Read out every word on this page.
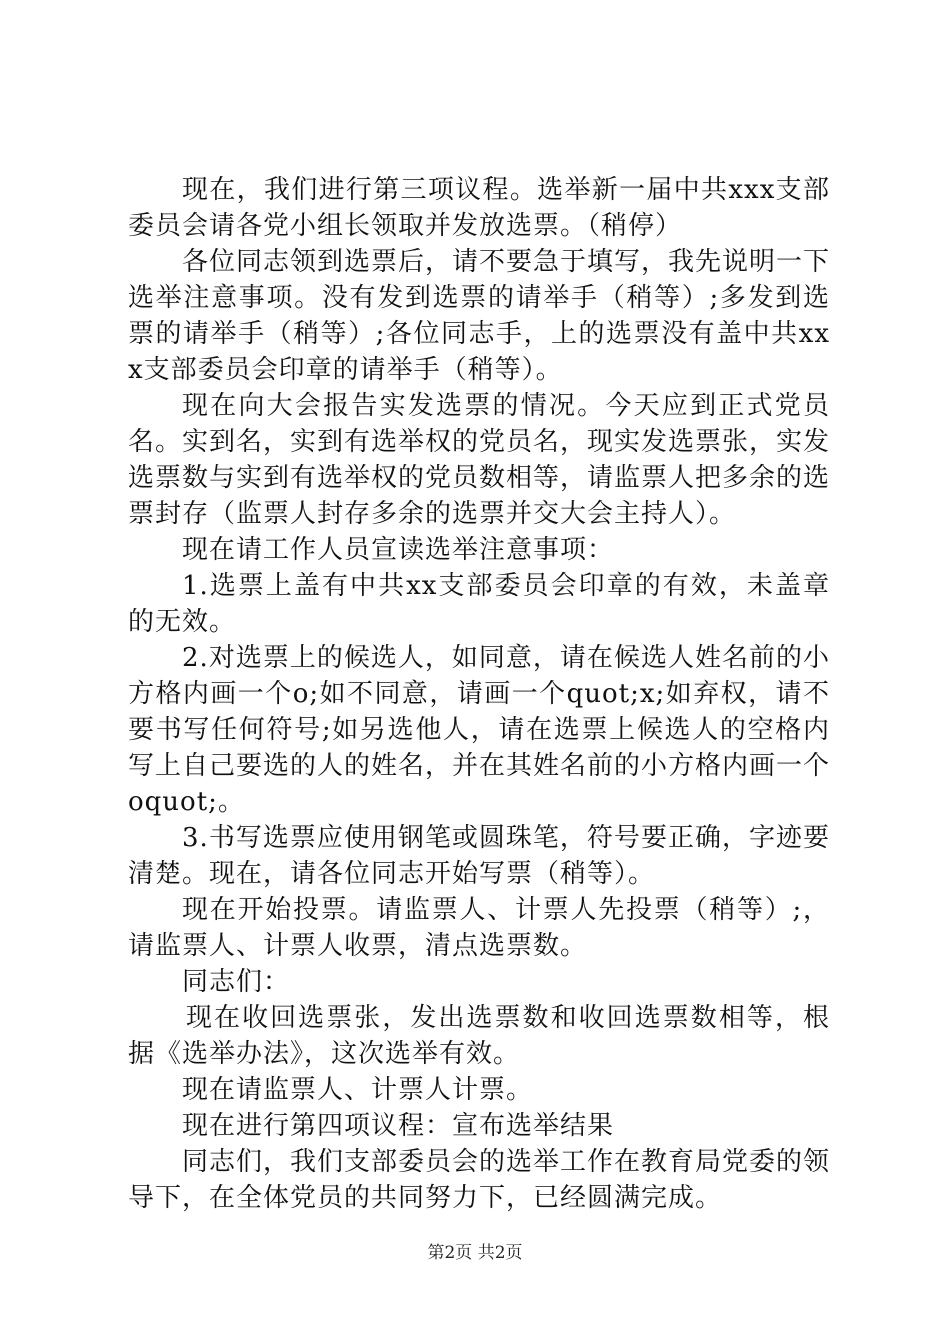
现在，我们进行第三项议程。选举新一届中共xxx支部委员会请各党小组长领取并发放选票。（稍停）

各位同志领到选票后，请不要急于填写，我先说明一下选举注意事项。没有发到选票的请举手（稍等）;多发到选票的请举手（稍等）;各位同志手，上的选票没有盖中共xxx支部委员会印章的请举手（稍等）。

现在向大会报告实发选票的情况。今天应到正式党员名。实到名，实到有选举权的党员名，现实发选票张，实发选票数与实到有选举权的党员数相等，请监票人把多余的选票封存（监票人封存多余的选票并交大会主持人）。

现在请工作人员宣读选举注意事项：

1.选票上盖有中共xx支部委员会印章的有效，未盖章的无效。

2.对选票上的候选人，如同意，请在候选人姓名前的小方格内画一个o;如不同意，请画一个quot;x;如弃权，请不要书写任何符号;如另选他人，请在选票上候选人的空格内写上自己要选的人的姓名，并在其姓名前的小方格内画一个oquot;。

3.书写选票应使用钢笔或圆珠笔，符号要正确，字迹要清楚。现在，请各位同志开始写票（稍等）。

现在开始投票。请监票人、计票人先投票（稍等）;，请监票人、计票人收票，清点选票数。

同志们：

现在收回选票张，发出选票数和收回选票数相等，根据《选举办法》，这次选举有效。

现在请监票人、计票人计票。

现在进行第四项议程：宣布选举结果

同志们，我们支部委员会的选举工作在教育局党委的领导下，在全体党员的共同努力下，已经圆满完成。

第2页 共2页
